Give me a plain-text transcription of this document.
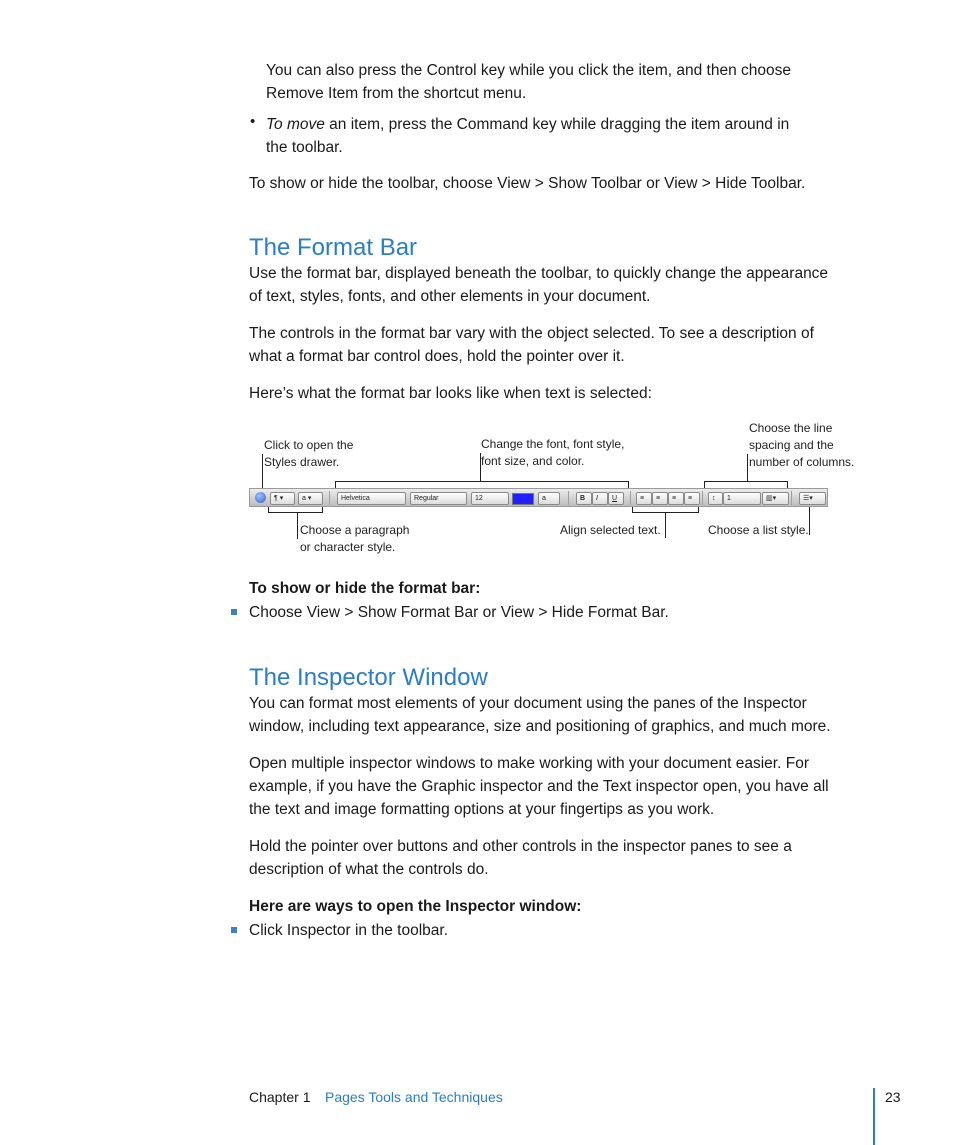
You can also press the Control key while you click the item, and then choose

Remove Item from the shortcut menu.

• To move an item, press the Command key while dragging the item around in

the toolbar.

To show or hide the toolbar, choose View > Show Toolbar or View > Hide Toolbar.

The Format Bar

Use the format bar, displayed beneath the toolbar, to quickly change the appearance

of text, styles, fonts, and other elements in your document.

The controls in the format bar vary with the object selected. To see a description of

what a format bar control does, hold the pointer over it.

Here’s what the format bar looks like when text is selected:

Click to open the
Styles drawer.
Change the font, font style,
font size, and color.
Choose the line
spacing and the
number of columns.
Choose a paragraph
or character style.
Align selected text.	Choose a list style.
¶ ▾	a ▾	Helvetica	Regular	12	a	B	I	U	≡	≡	≡	≡	↕	1	▥▾	☰▾

To show or hide the format bar:

Choose View > Show Format Bar or View > Hide Format Bar.

The Inspector Window

You can format most elements of your document using the panes of the Inspector

window, including text appearance, size and positioning of graphics, and much more.

Open multiple inspector windows to make working with your document easier. For

example, if you have the Graphic inspector and the Text inspector open, you have all

the text and image formatting options at your fingertips as you work.

Hold the pointer over buttons and other controls in the inspector panes to see a

description of what the controls do.

Here are ways to open the Inspector window:

Click Inspector in the toolbar.

Chapter 1 Pages Tools and Techniques	23
